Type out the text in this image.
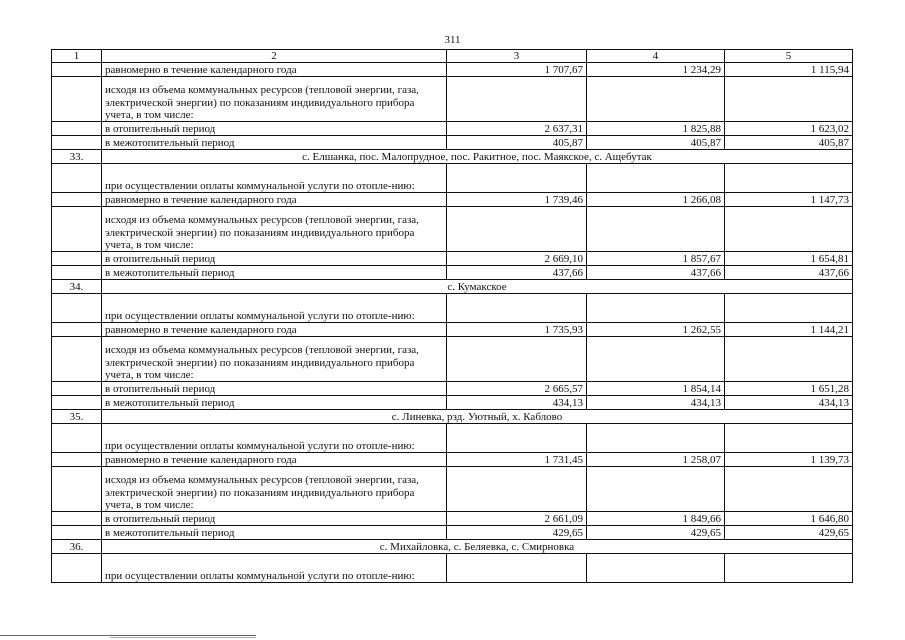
311
1	2	3	4	5
	равномерно в течение календарного года	1 707,67	1 234,29	1 115,94
	исходя из объема коммунальных ресурсов (тепловой энергии, газа, электрической энергии) по показаниям индивидуального прибора учета, в том числе:			
	в отопительный период	2 637,31	1 825,88	1 623,02
	в межотопительный период	405,87	405,87	405,87
33.	с. Елшанка, пос. Малопрудное, пос. Ракитное, пос. Маякское, с. Ащебутак			
	при осуществлении оплаты коммунальной услуги по отопле-нию:			
	равномерно в течение календарного года	1 739,46	1 266,08	1 147,73
	исходя из объема коммунальных ресурсов (тепловой энергии, газа, электрической энергии) по показаниям индивидуального прибора учета, в том числе:			
	в отопительный период	2 669,10	1 857,67	1 654,81
	в межотопительный период	437,66	437,66	437,66
34.	с. Кумакское			
	при осуществлении оплаты коммунальной услуги по отопле-нию:			
	равномерно в течение календарного года	1 735,93	1 262,55	1 144,21
	исходя из объема коммунальных ресурсов (тепловой энергии, газа, электрической энергии) по показаниям индивидуального прибора учета, в том числе:			
	в отопительный период	2 665,57	1 854,14	1 651,28
	в межотопительный период	434,13	434,13	434,13
35.	с. Линевка, рзд. Уютный, х. Каблово			
	при осуществлении оплаты коммунальной услуги по отопле-нию:			
	равномерно в течение календарного года	1 731,45	1 258,07	1 139,73
	исходя из объема коммунальных ресурсов (тепловой энергии, газа, электрической энергии) по показаниям индивидуального прибора учета, в том числе:			
	в отопительный период	2 661,09	1 849,66	1 646,80
	в межотопительный период	429,65	429,65	429,65
36.	с. Михайловка, с. Беляевка, с. Смирновка			
	при осуществлении оплаты коммунальной услуги по отопле-нию:			
